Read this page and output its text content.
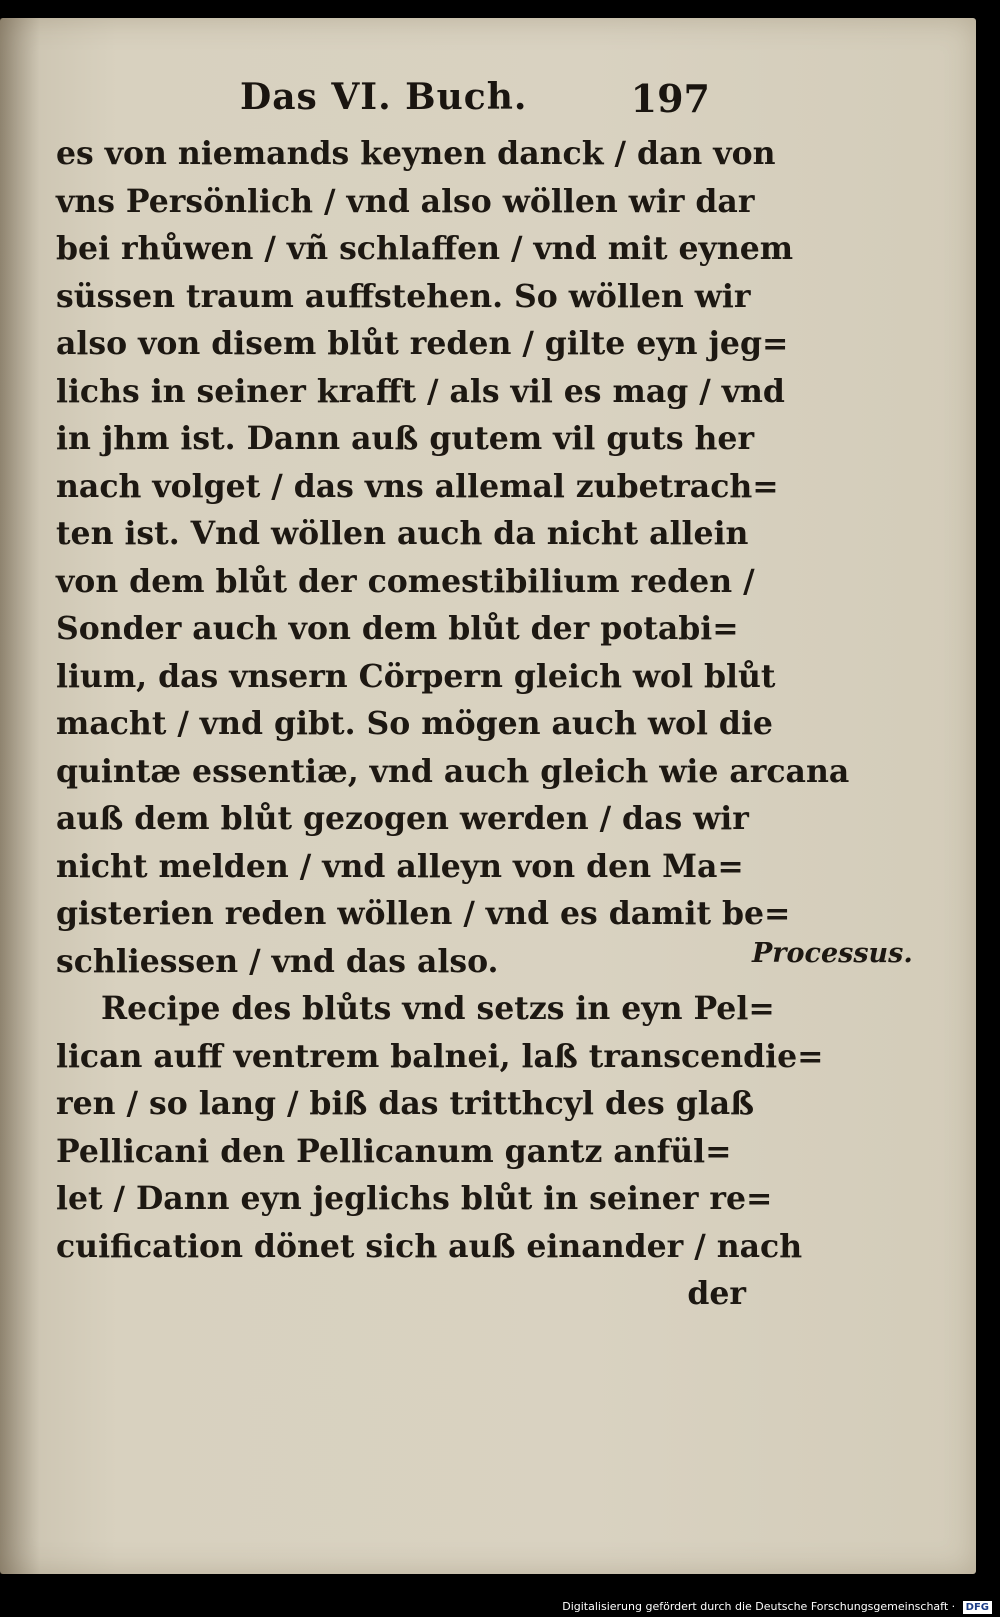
Das VI. Buch.	197
es von niemands keynen danck / dan von
vns Persönlich / vnd also wöllen wir dar
bei rhůwen / vñ schlaffen / vnd mit eynem
süssen traum auffstehen. So wöllen wir
also von disem blůt reden / gilte eyn jeg=
lichs in seiner krafft / als vil es mag / vnd
in jhm ist. Dann auß gutem vil guts her
nach volget / das vns allemal zubetrach=
ten ist. Vnd wöllen auch da nicht allein
von dem blůt der comestibilium reden /
Sonder auch von dem blůt der potabi=
lium, das vnsern Cörpern gleich wol blůt
macht / vnd gibt. So mögen auch wol die
quintæ essentiæ, vnd auch gleich wie arcana
auß dem blůt gezogen werden / das wir
nicht melden / vnd alleyn von den Ma=
gisterien reden wöllen / vnd es damit be=
schliessen / vnd das also.
Recipe des blůts vnd setzs in eyn Pel=
lican auff ventrem balnei, laß transcendie=
ren / so lang / biß das tritthcyl des glaß
Pellicani den Pellicanum gantz anfül=
let / Dann eyn jeglichs blůt in seiner re=
cuification dönet sich auß einander / nach
der
Processus.
Digitalisierung gefördert durch die Deutsche Forschungsgemeinschaft · DFG
